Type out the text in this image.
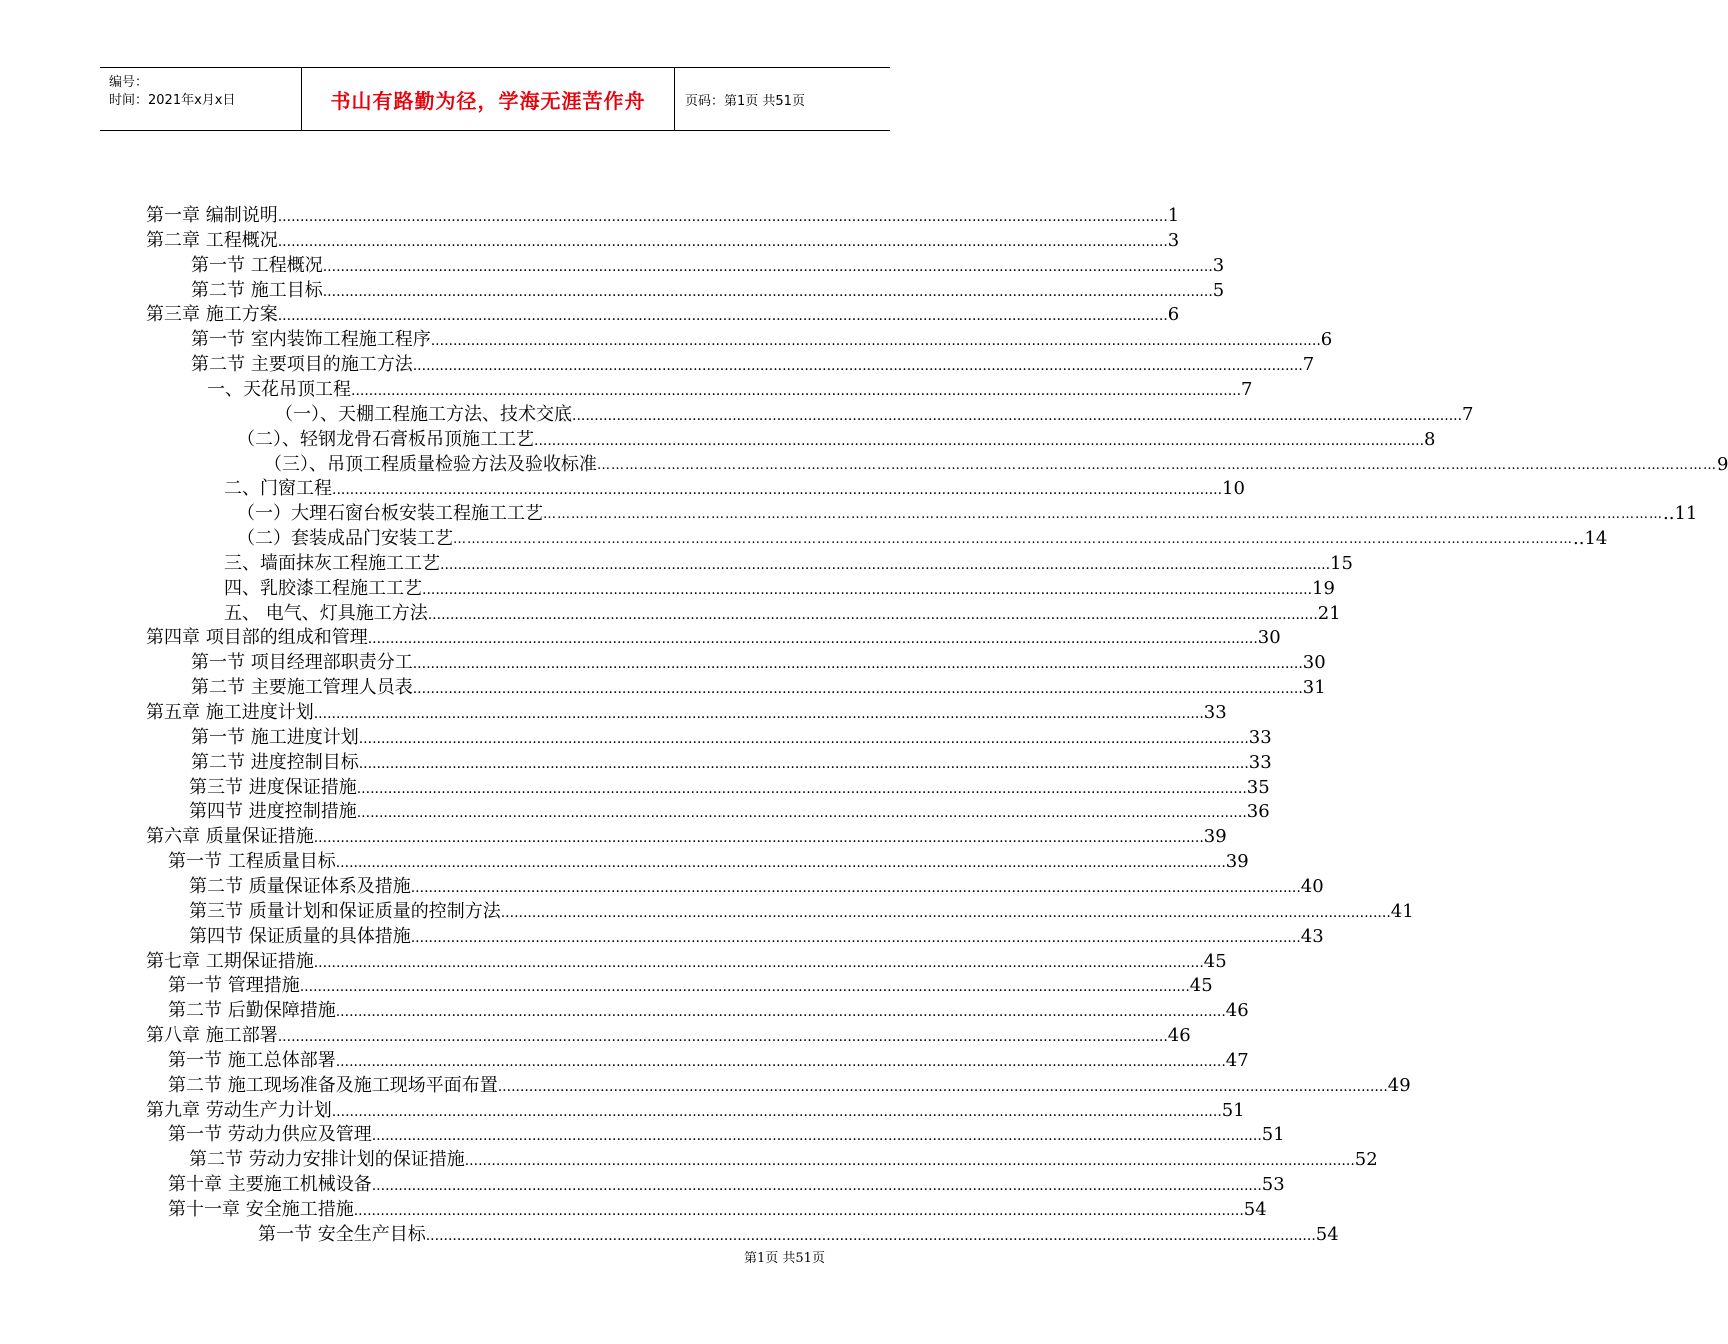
编号：
时间：2021年x月x日	书山有路勤为径，学海无涯苦作舟	页码：第1页 共51页
第一章 编制说明 ........................................................................................................................................................................................................ 1
第二章 工程概况 ........................................................................................................................................................................................................ 3
第一节 工程概况 ........................................................................................................................................................................................................ 3
第二节 施工目标 ........................................................................................................................................................................................................ 5
第三章 施工方案 ........................................................................................................................................................................................................ 6
第一节 室内装饰工程施工程序 ........................................................................................................................................................................................................ 6
第二节 主要项目的施工方法 ........................................................................................................................................................................................................ 7
一、天花吊顶工程 ........................................................................................................................................................................................................ 7
（一）、天棚工程施工方法、技术交底 ........................................................................................................................................................................................................ 7
（二）、轻钢龙骨石膏板吊顶施工工艺 ........................................................................................................................................................................................................ 8
（三）、吊顶工程质量检验方法及验收标准 …………………………………………………………………………………………………………………………………………………………………………………………………………………… 9
二、门窗工程 ........................................................................................................................................................................................................ 10
（一）大理石窗台板安装工程施工工艺 …………………………………………………………………………………………………………………………………………………………………………………………………………………… ..11
（二）套装成品门安装工艺 …………………………………………………………………………………………………………………………………………………………………………………………………………………… ..14
三、墙面抹灰工程施工工艺 ........................................................................................................................................................................................................ 15
四、乳胶漆工程施工工艺 ........................................................................................................................................................................................................ 19
五、 电气、灯具施工方法 ........................................................................................................................................................................................................ 21
第四章 项目部的组成和管理 ........................................................................................................................................................................................................ 30
第一节 项目经理部职责分工 ........................................................................................................................................................................................................ 30
第二节 主要施工管理人员表 ........................................................................................................................................................................................................ 31
第五章 施工进度计划 ........................................................................................................................................................................................................ 33
第一节 施工进度计划 ........................................................................................................................................................................................................ 33
第二节 进度控制目标 ........................................................................................................................................................................................................ 33
第三节 进度保证措施 ........................................................................................................................................................................................................ 35
第四节 进度控制措施 ........................................................................................................................................................................................................ 36
第六章 质量保证措施 ........................................................................................................................................................................................................ 39
第一节 工程质量目标 ........................................................................................................................................................................................................ 39
第二节 质量保证体系及措施 ........................................................................................................................................................................................................ 40
第三节 质量计划和保证质量的控制方法 ........................................................................................................................................................................................................ 41
第四节 保证质量的具体措施 ........................................................................................................................................................................................................ 43
第七章 工期保证措施 ........................................................................................................................................................................................................ 45
第一节 管理措施 ........................................................................................................................................................................................................ 45
第二节 后勤保障措施 ........................................................................................................................................................................................................ 46
第八章 施工部署 ........................................................................................................................................................................................................ 46
第一节 施工总体部署 ........................................................................................................................................................................................................ 47
第二节 施工现场准备及施工现场平面布置 ........................................................................................................................................................................................................ 49
第九章 劳动生产力计划 ........................................................................................................................................................................................................ 51
第一节 劳动力供应及管理 ........................................................................................................................................................................................................ 51
第二节 劳动力安排计划的保证措施 ........................................................................................................................................................................................................ 52
第十章 主要施工机械设备 ........................................................................................................................................................................................................ 53
第十一章 安全施工措施 ........................................................................................................................................................................................................ 54
第一节 安全生产目标 ........................................................................................................................................................................................................ 54
第1页 共51页
